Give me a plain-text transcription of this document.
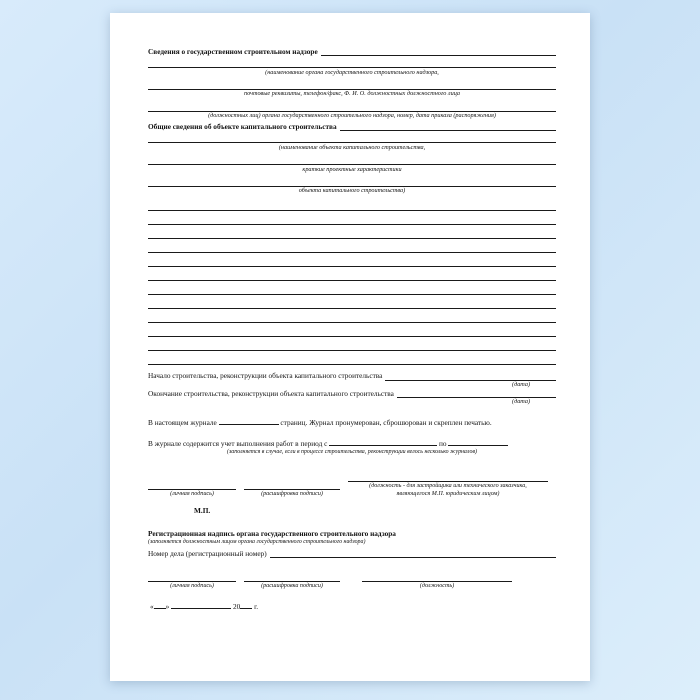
Сведения о государственном строительном надзоре
(наименование органа государственного строительного надзора,
почтовые реквизиты, телефон/факс, Ф. И. О. должностных должностного лица
(должностных лиц) органа государственного строительного надзора, номер, дата приказа (распоряжения)
Общие сведения об объекте капитального строительства
(наименование объекта капитального строительства,
краткие проектные характеристики
объекта капитального строительства)
Начало строительства, реконструкции объекта капитального строительства
(дата)
Окончание строительства, реконструкции объекта капитального строительства
(дата)
В настоящем журнале	страниц. Журнал пронумерован, сброшюрован и скреплен печатью.
В журнале содержится учет выполнения работ в период с	по
(заполняется в случае, если в процессе строительства, реконструкции велось несколько журналов)
(личная подпись)	(расшифровка подписи)
(должность - для застройщика или технического заказчика,
являющегося М.П. юридическим лицом)
М.П.
Регистрационная надпись органа государственного строительного надзора
(заполняется должностным лицом органа государственного строительного надзора)
Номер дела (регистрационный номер)
(личная подпись)	(расшифровка подписи)	(должность)
« »	20 г.
